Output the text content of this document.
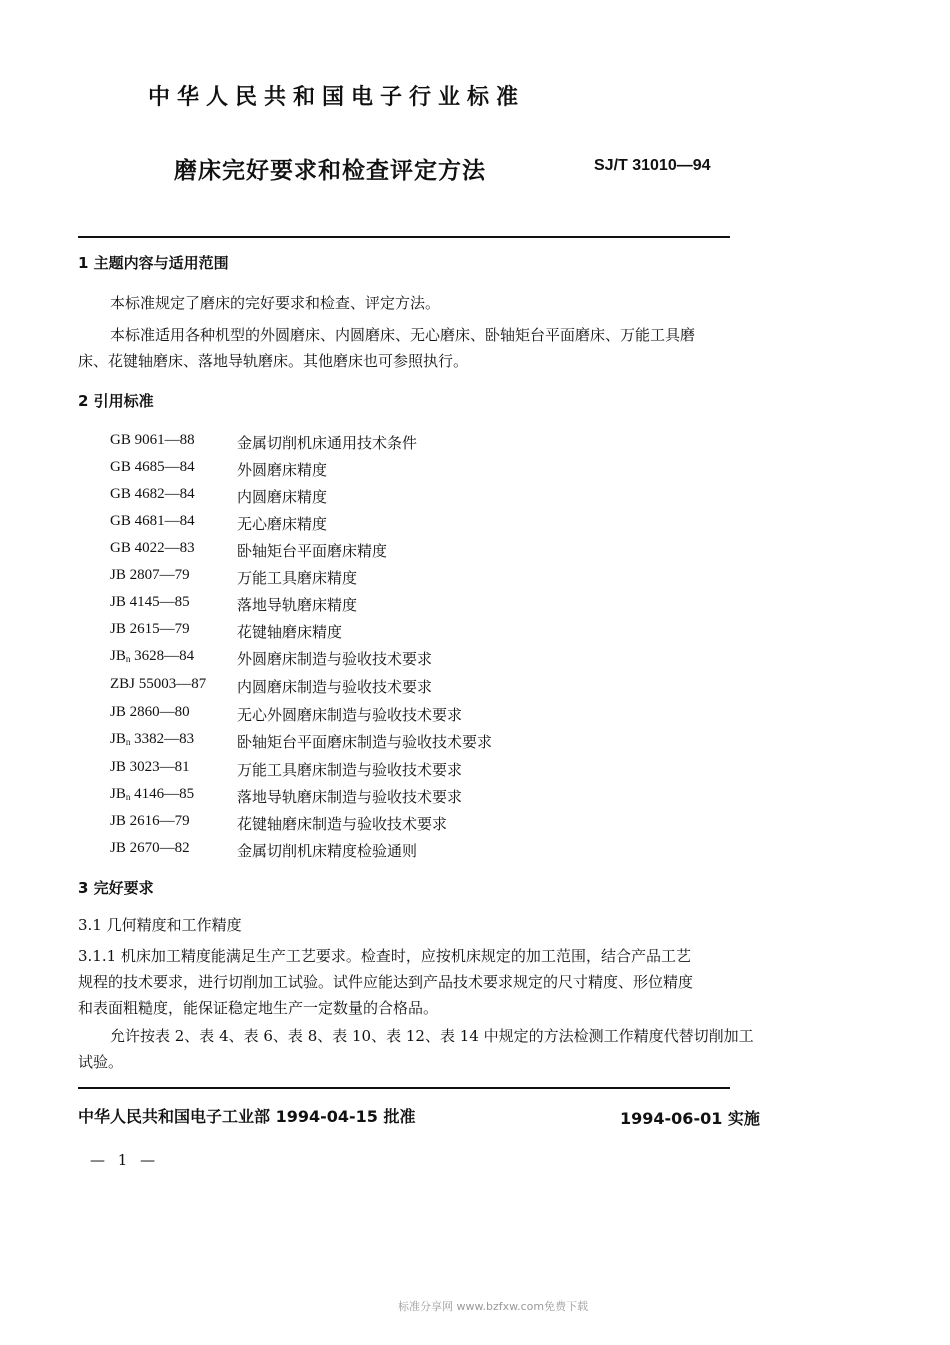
中华人民共和国电子行业标准
磨床完好要求和检查评定方法	SJ/T 31010—94
1 主题内容与适用范围
本标准规定了磨床的完好要求和检查、评定方法。
本标准适用各种机型的外圆磨床、内圆磨床、无心磨床、卧轴矩台平面磨床、万能工具磨
床、花键轴磨床、落地导轨磨床。其他磨床也可参照执行。
2 引用标准
GB 9061—88	金属切削机床通用技术条件
GB 4685—84	外圆磨床精度
GB 4682—84	内圆磨床精度
GB 4681—84	无心磨床精度
GB 4022—83	卧轴矩台平面磨床精度
JB 2807—79	万能工具磨床精度
JB 4145—85	落地导轨磨床精度
JB 2615—79	花键轴磨床精度
$JB_n$ 3628—84	外圆磨床制造与验收技术要求
ZBJ 55003—87 内圆磨床制造与验收技术要求
JB 2860—80	无心外圆磨床制造与验收技术要求
$JB_n$ 3382—83	卧轴矩台平面磨床制造与验收技术要求
JB 3023—81	万能工具磨床制造与验收技术要求
$JB_n$ 4146—85	落地导轨磨床制造与验收技术要求
JB 2616—79	花键轴磨床制造与验收技术要求
JB 2670—82	金属切削机床精度检验通则
3 完好要求
3.1 几何精度和工作精度
3.1.1 机床加工精度能满足生产工艺要求。检查时，应按机床规定的加工范围，结合产品工艺
规程的技术要求，进行切削加工试验。试件应能达到产品技术要求规定的尺寸精度、形位精度
和表面粗糙度，能保证稳定地生产一定数量的合格品。
允许按表 2、表 4、表 6、表 8、表 10、表 12、表 14 中规定的方法检测工作精度代替切削加工
试验。
中华人民共和国电子工业部 1994-04-15 批准	1994-06-01 实施
— 1 —
标准分享网 www.bzfxw.com免费下载
